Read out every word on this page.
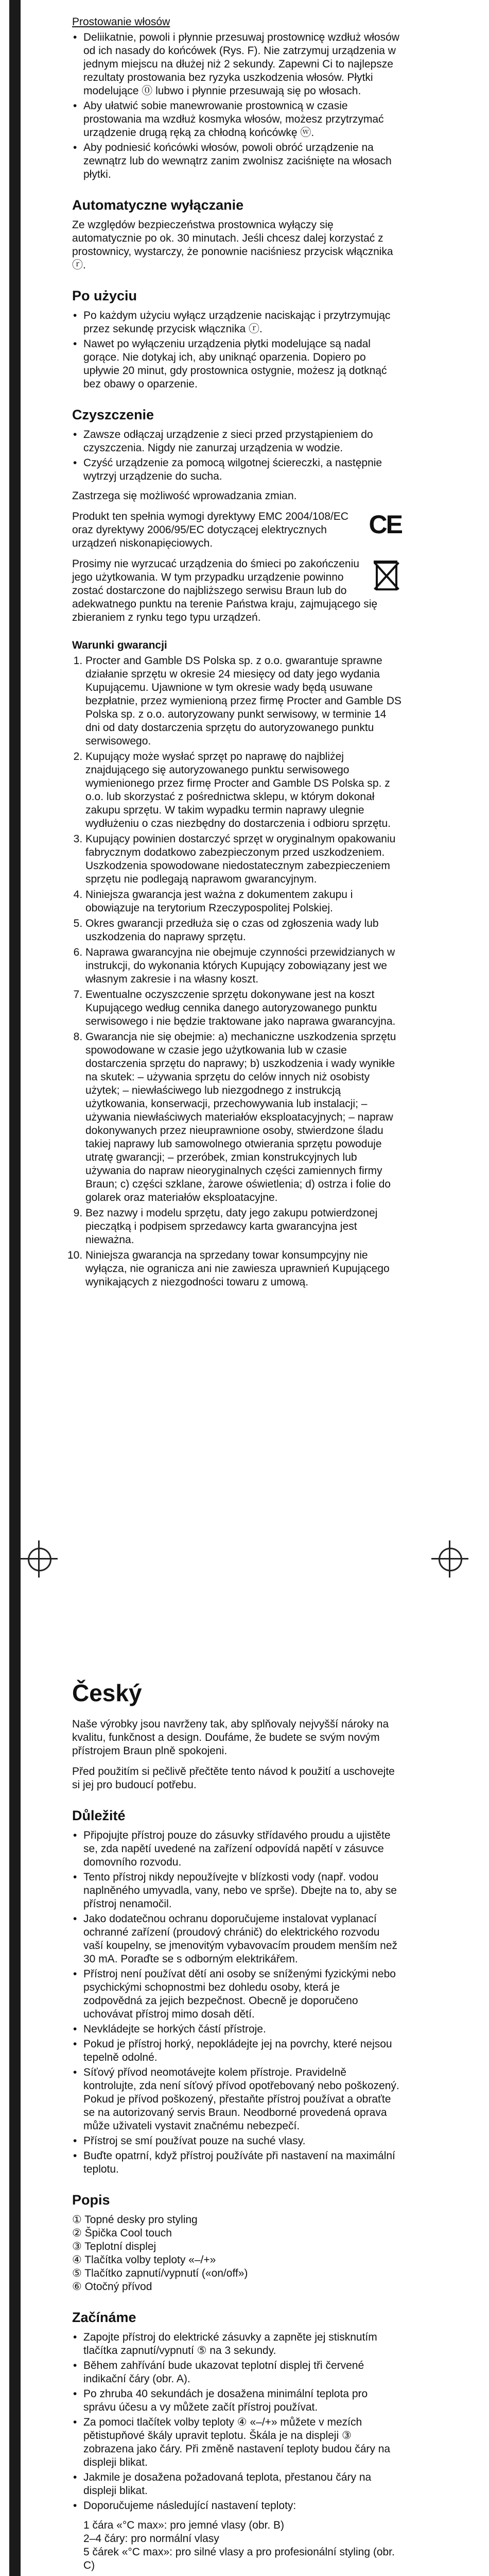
Prostowanie włosów
• Deliikatnie, powoli i płynnie przesuwaj prostownicę wzdłuż włosów od ich nasady do końcówek (Rys. F). Nie zatrzymuj urządzenia w jednym miejscu na dłużej niż 2 sekundy. Zapewni Ci to najlepsze rezultaty prostowania bez ryzyka uszkodzenia włosów. Płytki modelujące ⓪ lubwo i płynnie przesuwają się po włosach.
• Aby ułatwić sobie manewrowanie prostownicą w czasie prostowania ma wzdłuż kosmyka włosów, możesz przytrzymać urządzenie drugą ręką za chłodną końcówkę ⓦ.
• Aby podniesić końcówki włosów, powoli obróć urządzenie na zewnątrz lub do wewnątrz zanim zwolnisz zaciśnięte na włosach płytki.
Automatyczne wyłączanie

Ze względów bezpieczeństwa prostownica wyłączy się automatycznie po ok. 30 minutach. Jeśli chcesz dalej korzystać z prostownicy, wystarczy, że ponownie naciśniesz przycisk włącznika ⓡ.

Po użyciu
• Po każdym użyciu wyłącz urządzenie naciskając i przytrzymując przez sekundę przycisk włącznika ⓡ.
• Nawet po wyłączeniu urządzenia płytki modelujące są nadal gorące. Nie dotykaj ich, aby uniknąć oparzenia. Dopiero po upływie 20 minut, gdy prostownica ostygnie, możesz ją dotknąć bez obawy o oparzenie.
Czyszczenie
• Zawsze odłączaj urządzenie z sieci przed przystąpieniem do czyszczenia. Nigdy nie zanurzaj urządzenia w wodzie.
• Czyść urządzenie za pomocą wilgotnej ściereczki, a następnie wytrzyj urządzenie do sucha.

Zastrzega się możliwość wprowadzania zmian.

CE

Produkt ten spełnia wymogi dyrektywy EMC 2004/108/EC oraz dyrektywy 2006/95/EC dotyczącej elektrycznych urządzeń niskonapięciowych.

Prosimy nie wyrzucać urządzenia do śmieci po zakończeniu jego użytkowania. W tym przypadku urządzenie powinno zostać dostarczone do najbliższego serwisu Braun lub do adekwatnego punktu na terenie Państwa kraju, zajmującego się zbieraniem z rynku tego typu urządzeń.

Warunki gwarancji
1. Procter and Gamble DS Polska sp. z o.o. gwarantuje sprawne działanie sprzętu w okresie 24 miesięcy od daty jego wydania Kupującemu. Ujawnione w tym okresie wady będą usuwane bezpłatnie, przez wymienioną przez firmę Procter and Gamble DS Polska sp. z o.o. autoryzowany punkt serwisowy, w terminie 14 dni od daty dostarczenia sprzętu do autoryzowanego punktu serwisowego.
2. Kupujący może wysłać sprzęt po naprawę do najbliżej znajdującego się autoryzowanego punktu serwisowego wymienionego przez firmę Procter and Gamble DS Polska sp. z o.o. lub skorzystać z pośrednictwa sklepu, w którym dokonał zakupu sprzętu. W takim wypadku termin naprawy ulegnie wydłużeniu o czas niezbędny do dostarczenia i odbioru sprzętu.
3. Kupujący powinien dostarczyć sprzęt w oryginalnym opakowaniu fabrycznym dodatkowo zabezpieczonym przed uszkodzeniem. Uszkodzenia spowodowane niedostatecznym zabezpieczeniem sprzętu nie podlegają naprawom gwarancyjnym.
4. Niniejsza gwarancja jest ważna z dokumentem zakupu i obowiązuje na terytorium Rzeczypospolitej Polskiej.
5. Okres gwarancji przedłuża się o czas od zgłoszenia wady lub uszkodzenia do naprawy sprzętu.
6. Naprawa gwarancyjna nie obejmuje czynności przewidzianych w instrukcji, do wykonania których Kupujący zobowiązany jest we własnym zakresie i na własny koszt.
7. Ewentualne oczyszczenie sprzętu dokonywane jest na koszt Kupującego według cennika danego autoryzowanego punktu serwisowego i nie będzie traktowane jako naprawa gwarancyjna.
8. Gwarancja nie się obejmie: a) mechaniczne uszkodzenia sprzętu spowodowane w czasie jego użytkowania lub w czasie dostarczenia sprzętu do naprawy; b) uszkodzenia i wady wynikłe na skutek: – używania sprzętu do celów innych niż osobisty użytek; – niewłaściwego lub niezgodnego z instrukcją użytkowania, konserwacji, przechowywania lub instalacji; – używania niewłaściwych materiałów eksploatacyjnych; – napraw dokonywanych przez nieuprawnione osoby, stwierdzone śladu takiej naprawy lub samowolnego otwierania sprzętu powoduje utratę gwarancji; – przeróbek, zmian konstrukcyjnych lub używania do napraw nieoryginalnych części zamiennych firmy Braun; c) części szklane, żarowe oświetlenia; d) ostrza i folie do golarek oraz materiałów eksploatacyjne.
9. Bez nazwy i modelu sprzętu, daty jego zakupu potwierdzonej pieczątką i podpisem sprzedawcy karta gwarancyjna jest nieważna.
10. Niniejsza gwarancja na sprzedany towar konsumpcyjny nie wyłącza, nie ogranicza ani nie zawiesza uprawnień Kupującego wynikających z niezgodności towaru z umową.
Český

Naše výrobky jsou navrženy tak, aby splňovaly nejvyšší nároky na kvalitu, funkčnost a design. Doufáme, že budete se svým novým přístrojem Braun plně spokojeni.

Před použitím si pečlivě přečtěte tento návod k použití a uschovejte si jej pro budoucí potřebu.

Důležité
• Připojujte přístroj pouze do zásuvky střídavého proudu a ujistěte se, zda napětí uvedené na zařízení odpovídá napětí v zásuvce domovního rozvodu.
• Tento přístroj nikdy nepoužívejte v blízkosti vody (např. vodou naplněného umyvadla, vany, nebo ve sprše). Dbejte na to, aby se přístroj nenamočil.
• Jako dodatečnou ochranu doporučujeme instalovat vyplanací ochranné zařízení (proudový chránič) do elektrického rozvodu vaší koupelny, se jmenovitým vybavovacím proudem menším než 30 mA. Poraďte se s odborným elektrikářem.
• Přístroj není používat dětí ani osoby se sníženými fyzickými nebo psychickými schopnostmi bez dohledu osoby, která je zodpovědná za jejich bezpečnost. Obecně je doporučeno uchovávat přístroj mimo dosah dětí.
• Nevkládejte se horkých částí přístroje.
• Pokud je přístroj horký, nepokládejte jej na povrchy, které nejsou tepelně odolné.
• Síťový přívod neomotávejte kolem přístroje. Pravidelně kontrolujte, zda není síťový přívod opotřebovaný nebo poškozený. Pokud je přívod poškozený, přestaňte přístroj používat a obraťte se na autorizovaný servis Braun. Neodborné provedená oprava může uživateli vystavit značnému nebezpečí.
• Přístroj se smí používat pouze na suché vlasy.
• Buďte opatrní, když přístroj používáte při nastavení na maximální teplotu.
Popis
① Topné desky pro styling
② Špička Cool touch
③ Teplotní displej
④ Tlačítka volby teploty «–/+»
⑤ Tlačítko zapnutí/vypnutí («on/off»)
⑥ Otočný přívod
Začínáme
• Zapojte přístroj do elektrické zásuvky a zapněte jej stisknutím tlačítka zapnutí/vypnutí ⑤ na 3 sekundy.
• Během zahřívání bude ukazovat teplotní displej tři červené indikační čáry (obr. A).
• Po zhruba 40 sekundách je dosažena minimální teplota pro správu účesu a vy můžete začít přístroj používat.
• Za pomoci tlačítek volby teploty ④ «–/+» můžete v mezích pětistupňové škály upravit teplotu. Škála je na displeji ③ zobrazena jako čáry. Při změně nastavení teploty budou čáry na displeji blikat.
• Jakmile je dosažena požadovaná teplota, přestanou čáry na displeji blikat.
• Doporučujeme následující nastavení teploty:
1 čára «°C max»: pro jemné vlasy (obr. B)
2–4 čáry: pro normální vlasy
5 čárek «°C max»: pro silné vlasy a pro profesionální styling (obr. C)
